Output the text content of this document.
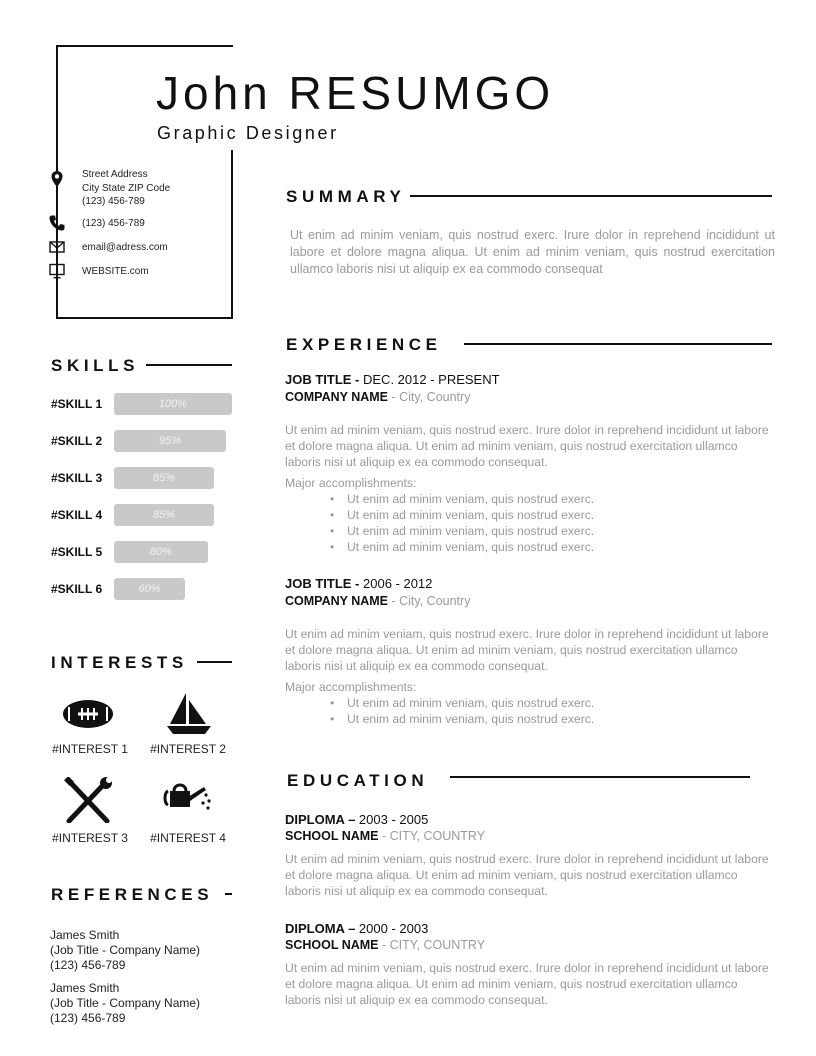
John RESUMGO
Graphic Designer
Street Address
City State ZIP Code
(123) 456-789
(123) 456-789
email@adress.com
WEBSITE.com
SKILLS
#SKILL 1	100%
#SKILL 2	95%
#SKILL 3	85%
#SKILL 4	85%
#SKILL 5	80%
#SKILL 6	60%
INTERESTS
#INTEREST 1	#INTEREST 2
#INTEREST 3	#INTEREST 4
REFERENCES
James Smith
(Job Title - Company Name)
(123) 456-789
James Smith
(Job Title - Company Name)
(123) 456-789
SUMMARY
Ut enim ad minim veniam, quis nostrud exerc. Irure dolor in reprehend incididunt ut labore et dolore magna aliqua. Ut enim ad minim veniam, quis nostrud exercitation ullamco laboris nisi ut aliquip ex ea commodo consequat
EXPERIENCE
JOB TITLE - DEC. 2012 - PRESENT
COMPANY NAME - City, Country
Ut enim ad minim veniam, quis nostrud exerc. Irure dolor in reprehend incididunt ut labore et dolore magna aliqua. Ut enim ad minim veniam, quis nostrud exercitation ullamco laboris nisi ut aliquip ex ea commodo consequat.
Major accomplishments:
• Ut enim ad minim veniam, quis nostrud exerc.
• Ut enim ad minim veniam, quis nostrud exerc.
• Ut enim ad minim veniam, quis nostrud exerc.
• Ut enim ad minim veniam, quis nostrud exerc.
JOB TITLE - 2006 - 2012
COMPANY NAME - City, Country
Ut enim ad minim veniam, quis nostrud exerc. Irure dolor in reprehend incididunt ut labore et dolore magna aliqua. Ut enim ad minim veniam, quis nostrud exercitation ullamco laboris nisi ut aliquip ex ea commodo consequat.
Major accomplishments:
• Ut enim ad minim veniam, quis nostrud exerc.
• Ut enim ad minim veniam, quis nostrud exerc.
EDUCATION
DIPLOMA – 2003 - 2005
SCHOOL NAME - CITY, COUNTRY
Ut enim ad minim veniam, quis nostrud exerc. Irure dolor in reprehend incididunt ut labore et dolore magna aliqua. Ut enim ad minim veniam, quis nostrud exercitation ullamco laboris nisi ut aliquip ex ea commodo consequat.
DIPLOMA – 2000 - 2003
SCHOOL NAME - CITY, COUNTRY
Ut enim ad minim veniam, quis nostrud exerc. Irure dolor in reprehend incididunt ut labore et dolore magna aliqua. Ut enim ad minim veniam, quis nostrud exercitation ullamco laboris nisi ut aliquip ex ea commodo consequat.
